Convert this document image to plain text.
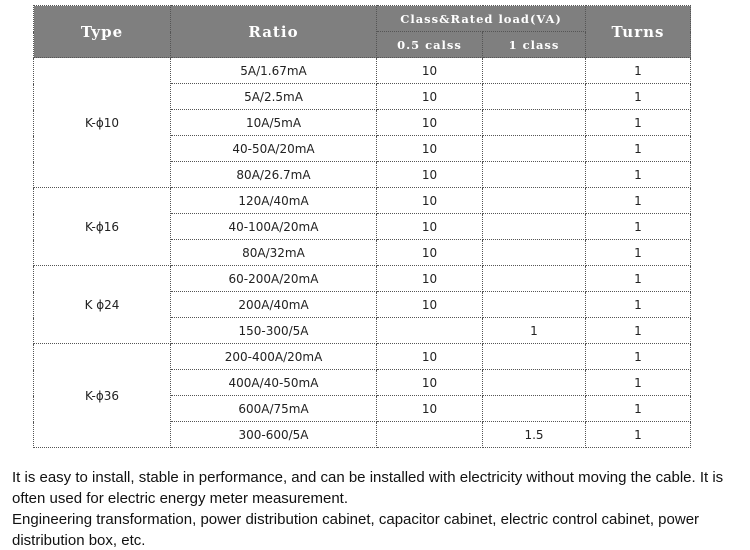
Type	Ratio	Class&Rated load(VA)		Turns
		0.5 calss	1 class	
K-ϕ10	5A/1.67mA	10		1
	5A/2.5mA	10		1
	10A/5mA	10		1
	40-50A/20mA	10		1
	80A/26.7mA	10		1
K-ϕ16	120A/40mA	10		1
	40-100A/20mA	10		1
	80A/32mA	10		1
K ϕ24	60-200A/20mA	10		1
	200A/40mA	10		1
	150-300/5A		1	1
K-ϕ36	200-400A/20mA	10		1
	400A/40-50mA	10		1
	600A/75mA	10		1
	300-600/5A		1.5	1

It is easy to install, stable in performance, and can be installed with electricity without moving the cable. It is often used for electric energy meter measurement.

Engineering transformation, power distribution cabinet, capacitor cabinet, electric control cabinet, power distribution box, etc.
